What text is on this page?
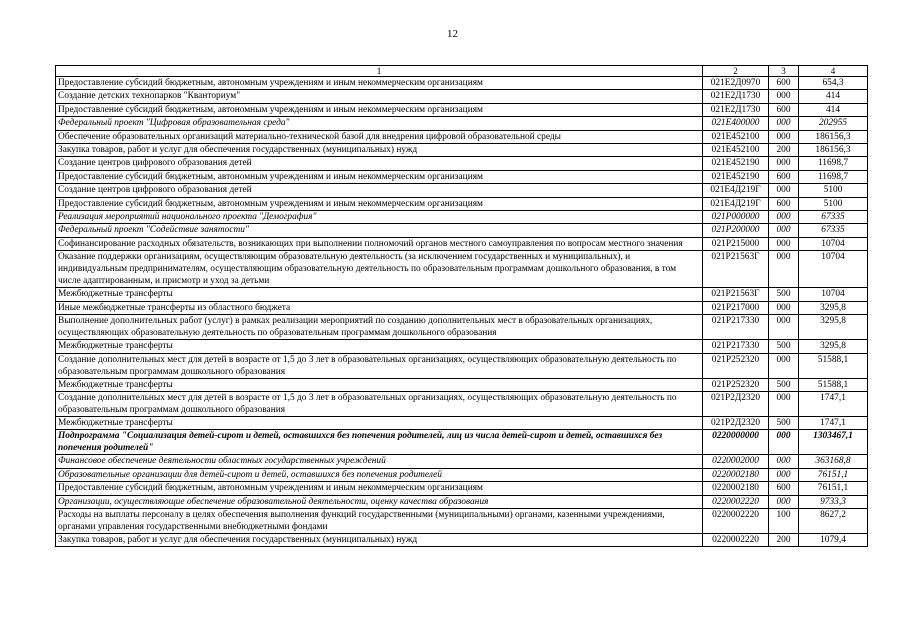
12
1	2	3	4
Предоставление субсидий бюджетным, автономным учреждениям и иным некоммерческим организациям	021Е2Д0970	600	654,3
Создание детских технопарков "Кванториум"	021Е2Д1730	000	414
Предоставление субсидий бюджетным, автономным учреждениям и иным некоммерческим организациям	021Е2Д1730	600	414
Федеральный проект "Цифровая образовательная среда"	021Е400000	000	202955
Обеспечение образовательных организаций материально-технической базой для внедрения цифровой образовательной среды	021Е452100	000	186156,3
Закупка товаров, работ и услуг для обеспечения государственных (муниципальных) нужд	021Е452100	200	186156,3
Создание центров цифрового образования детей	021Е452190	000	11698,7
Предоставление субсидий бюджетным, автономным учреждениям и иным некоммерческим организациям	021Е452190	600	11698,7
Создание центров цифрового образования детей	021Е4Д219Г	000	5100
Предоставление субсидий бюджетным, автономным учреждениям и иным некоммерческим организациям	021Е4Д219Г	600	5100
Реализация мероприятий национального проекта "Демография"	021Р000000	000	67335
Федеральный проект "Содействие занятости"	021Р200000	000	67335
Софинансирование расходных обязательств, возникающих при выполнении полномочий органов местного самоуправления по вопросам местного значения	021Р215000	000	10704
Оказание поддержки организациям, осуществляющим образовательную деятельность (за исключением государственных и муниципальных), и индивидуальным предпринимателям, осуществляющим образовательную деятельность по образовательным программам дошкольного образования, в том числе адаптированным, и присмотр и уход за детьми	021Р21563Г	000	10704
Межбюджетные трансферты	021Р21563Г	500	10704
Иные межбюджетные трансферты из областного бюджета	021Р217000	000	3295,8
Выполнение дополнительных работ (услуг) в рамках реализации мероприятий по созданию дополнительных мест в образовательных организациях, осуществляющих образовательную деятельность по образовательным программам дошкольного образования	021Р217330	000	3295,8
Межбюджетные трансферты	021Р217330	500	3295,8
Создание дополнительных мест для детей в возрасте от 1,5 до 3 лет в образовательных организациях, осуществляющих образовательную деятельность по образовательным программам дошкольного образования	021Р252320	000	51588,1
Межбюджетные трансферты	021Р252320	500	51588,1
Создание дополнительных мест для детей в возрасте от 1,5 до 3 лет в образовательных организациях, осуществляющих образовательную деятельность по образовательным программам дошкольного образования	021Р2Д2320	000	1747,1
Межбюджетные трансферты	021Р2Д2320	500	1747,1
Подпрограмма "Социализация детей-сирот и детей, оставшихся без попечения родителей, лиц из числа детей-сирот и детей, оставшихся без попечения родителей"	0220000000	000	1303467,1
Финансовое обеспечение деятельности областных государственных учреждений	0220002000	000	363168,8
Образовательные организации для детей-сирот и детей, оставшихся без попечения родителей	0220002180	000	76151,1
Предоставление субсидий бюджетным, автономным учреждениям и иным некоммерческим организациям	0220002180	600	76151,1
Организации, осуществляющие обеспечение образовательной деятельности, оценку качества образования	0220002220	000	9733,3
Расходы на выплаты персоналу в целях обеспечения выполнения функций государственными (муниципальными) органами, казенными учреждениями, органами управления государственными внебюджетными фондами	0220002220	100	8627,2
Закупка товаров, работ и услуг для обеспечения государственных (муниципальных) нужд	0220002220	200	1079,4
